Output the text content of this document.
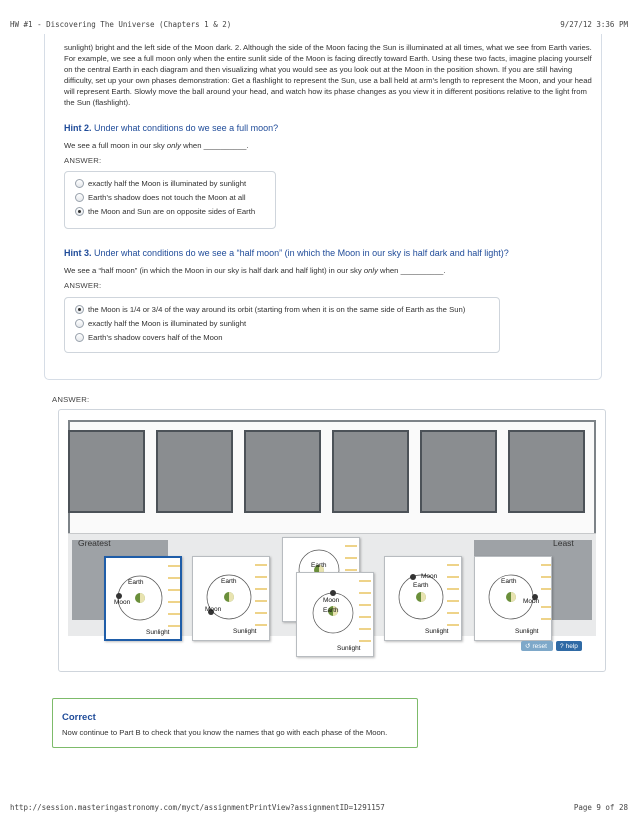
HW #1 - Discovering The Universe (Chapters 1 & 2)	9/27/12 3:36 PM
sunlight) bright and the left side of the Moon dark. 2. Although the side of the Moon facing the Sun is illuminated at all times, what we see from Earth varies. For example, we see a full moon only when the entire sunlit side of the Moon is facing directly toward Earth. Using these two facts, imagine placing yourself on the central Earth in each diagram and then visualizing what you would see as you look out at the Moon in the position shown. If you are still having difficulty, set up your own phases demonstration: Get a flashlight to represent the Sun, use a ball held at arm’s length to represent the Moon, and your head will represent Earth. Slowly move the ball around your head, and watch how its phase changes as you view it in different positions relative to the light from the Sun (flashlight).
Hint 2. Under what conditions do we see a full moon?
We see a full moon in our sky only when __________.
ANSWER:
exactly half the Moon is illuminated by sunlight
Earth’s shadow does not touch the Moon at all
the Moon and Sun are on opposite sides of Earth
Hint 3. Under what conditions do we see a “half moon” (in which the Moon in our sky is half dark and half light)?
We see a “half moon” (in which the Moon in our sky is half dark and half light) in our sky only when __________.
ANSWER:
the Moon is 1/4 or 3/4 of the way around its orbit (starting from when it is on the same side of Earth as the Sun)
exactly half the Moon is illuminated by sunlight
Earth’s shadow covers half of the Moon
ANSWER:
Greatest	Least
Earth
Moon
Sunlight
Earth
Moon
Sunlight
Earth
Moon
Earth
Sunlight
Moon
Earth
Sunlight
Earth
Moon
Sunlight
↺ reset ? help
Correct
Now continue to Part B to check that you know the names that go with each phase of the Moon.
http://session.masteringastronomy.com/myct/assignmentPrintView?assignmentID=1291157	Page 9 of 28
